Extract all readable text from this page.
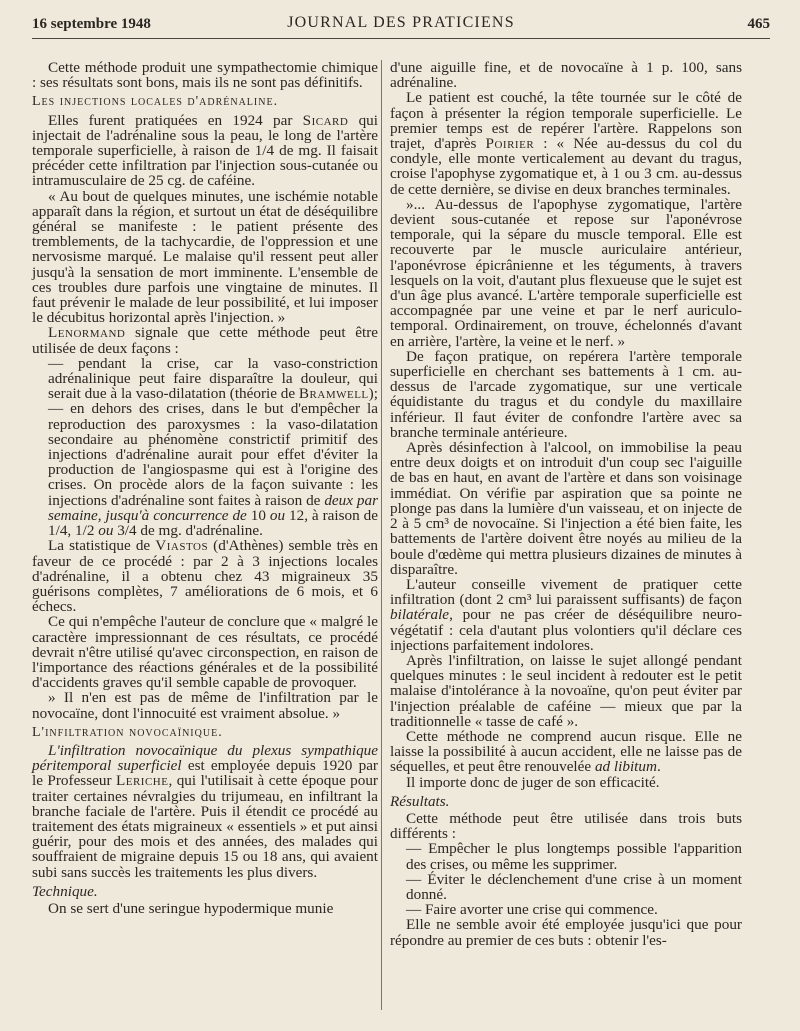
16 septembre 1948	JOURNAL DES PRATICIENS	465

Cette méthode produit une sympathectomie chimique : ses résultats sont bons, mais ils ne sont pas définitifs.

Les injections locales d'adrénaline.

Elles furent pratiquées en 1924 par Sicard qui injectait de l'adrénaline sous la peau, le long de l'artère temporale superficielle, à raison de 1/4 de mg. Il faisait précéder cette infiltration par l'injection sous-cutanée ou intramusculaire de 25 cg. de caféine.

« Au bout de quelques minutes, une ischémie notable apparaît dans la région, et surtout un état de déséquilibre général se manifeste : le patient présente des tremblements, de la tachycardie, de l'oppression et une nervosisme marqué. Le malaise qu'il ressent peut aller jusqu'à la sensation de mort imminente. L'ensemble de ces troubles dure parfois une vingtaine de minutes. Il faut prévenir le malade de leur possibilité, et lui imposer le décubitus horizontal après l'injection. »

Lenormand signale que cette méthode peut être utilisée de deux façons :

— pendant la crise, car la vaso-constriction adrénalinique peut faire disparaître la douleur, qui serait due à la vaso-dilatation (théorie de Bramwell);

— en dehors des crises, dans le but d'empêcher la reproduction des paroxysmes : la vaso-dilatation secondaire au phénomène constrictif primitif des injections d'adrénaline aurait pour effet d'éviter la production de l'angiospasme qui est à l'origine des crises. On procède alors de la façon suivante : les injections d'adrénaline sont faites à raison de deux par semaine, jusqu'à concurrence de 10 ou 12, à raison de 1/4, 1/2 ou 3/4 de mg. d'adrénaline.

La statistique de Viastos (d'Athènes) semble très en faveur de ce procédé : par 2 à 3 injections locales d'adrénaline, il a obtenu chez 43 migraineux 35 guérisons complètes, 7 améliorations de 6 mois, et 6 échecs.

Ce qui n'empêche l'auteur de conclure que « malgré le caractère impressionnant de ces résultats, ce procédé devrait n'être utilisé qu'avec circonspection, en raison de l'importance des réactions générales et de la possibilité d'accidents graves qu'il semble capable de provoquer.

» Il n'en est pas de même de l'infiltration par le novocaïne, dont l'innocuité est vraiment absolue. »

L'infiltration novocaïnique.

L'infiltration novocaïnique du plexus sympathique péritemporal superficiel est employée depuis 1920 par le Professeur Leriche, qui l'utilisait à cette époque pour traiter certaines névralgies du trijumeau, en infiltrant la branche faciale de l'artère. Puis il étendit ce procédé au traitement des états migraineux « essentiels » et put ainsi guérir, pour des mois et des années, des malades qui souffraient de migraine depuis 15 ou 18 ans, qui avaient subi sans succès les traitements les plus divers.

Technique.

On se sert d'une seringue hypodermique munie

d'une aiguille fine, et de novocaïne à 1 p. 100, sans adrénaline.

Le patient est couché, la tête tournée sur le côté de façon à présenter la région temporale superficielle. Le premier temps est de repérer l'artère. Rappelons son trajet, d'après Poirier : « Née au-dessus du col du condyle, elle monte verticalement au devant du tragus, croise l'apophyse zygomatique et, à 1 ou 3 cm. au-dessus de cette dernière, se divise en deux branches terminales.

»... Au-dessus de l'apophyse zygomatique, l'artère devient sous-cutanée et repose sur l'aponévrose temporale, qui la sépare du muscle temporal. Elle est recouverte par le muscle auriculaire antérieur, l'aponévrose épicrânienne et les téguments, à travers lesquels on la voit, d'autant plus flexueuse que le sujet est d'un âge plus avancé. L'artère temporale superficielle est accompagnée par une veine et par le nerf auriculo-temporal. Ordinairement, on trouve, échelonnés d'avant en arrière, l'artère, la veine et le nerf. »

De façon pratique, on repérera l'artère temporale superficielle en cherchant ses battements à 1 cm. au-dessus de l'arcade zygomatique, sur une verticale équidistante du tragus et du condyle du maxillaire inférieur. Il faut éviter de confondre l'artère avec sa branche terminale antérieure.

Après désinfection à l'alcool, on immobilise la peau entre deux doigts et on introduit d'un coup sec l'aiguille de bas en haut, en avant de l'artère et dans son voisinage immédiat. On vérifie par aspiration que sa pointe ne plonge pas dans la lumière d'un vaisseau, et on injecte de 2 à 5 cm³ de novocaïne. Si l'injection a été bien faite, les battements de l'artère doivent être noyés au milieu de la boule d'œdème qui mettra plusieurs dizaines de minutes à disparaître.

L'auteur conseille vivement de pratiquer cette infiltration (dont 2 cm³ lui paraissent suffisants) de façon bilatérale, pour ne pas créer de déséquilibre neuro-végétatif : cela d'autant plus volontiers qu'il déclare ces injections parfaitement indolores.

Après l'infiltration, on laisse le sujet allongé pendant quelques minutes : le seul incident à redouter est le petit malaise d'intolérance à la novoaïne, qu'on peut éviter par l'injection préalable de caféine — mieux que par la traditionnelle « tasse de café ».

Cette méthode ne comprend aucun risque. Elle ne laisse la possibilité à aucun accident, elle ne laisse pas de séquelles, et peut être renouvelée ad libitum.

Il importe donc de juger de son efficacité.

Résultats.

Cette méthode peut être utilisée dans trois buts différents :

— Empêcher le plus longtemps possible l'apparition des crises, ou même les supprimer.

— Éviter le déclenchement d'une crise à un moment donné.

— Faire avorter une crise qui commence.

Elle ne semble avoir été employée jusqu'ici que pour répondre au premier de ces buts : obtenir l'es-
